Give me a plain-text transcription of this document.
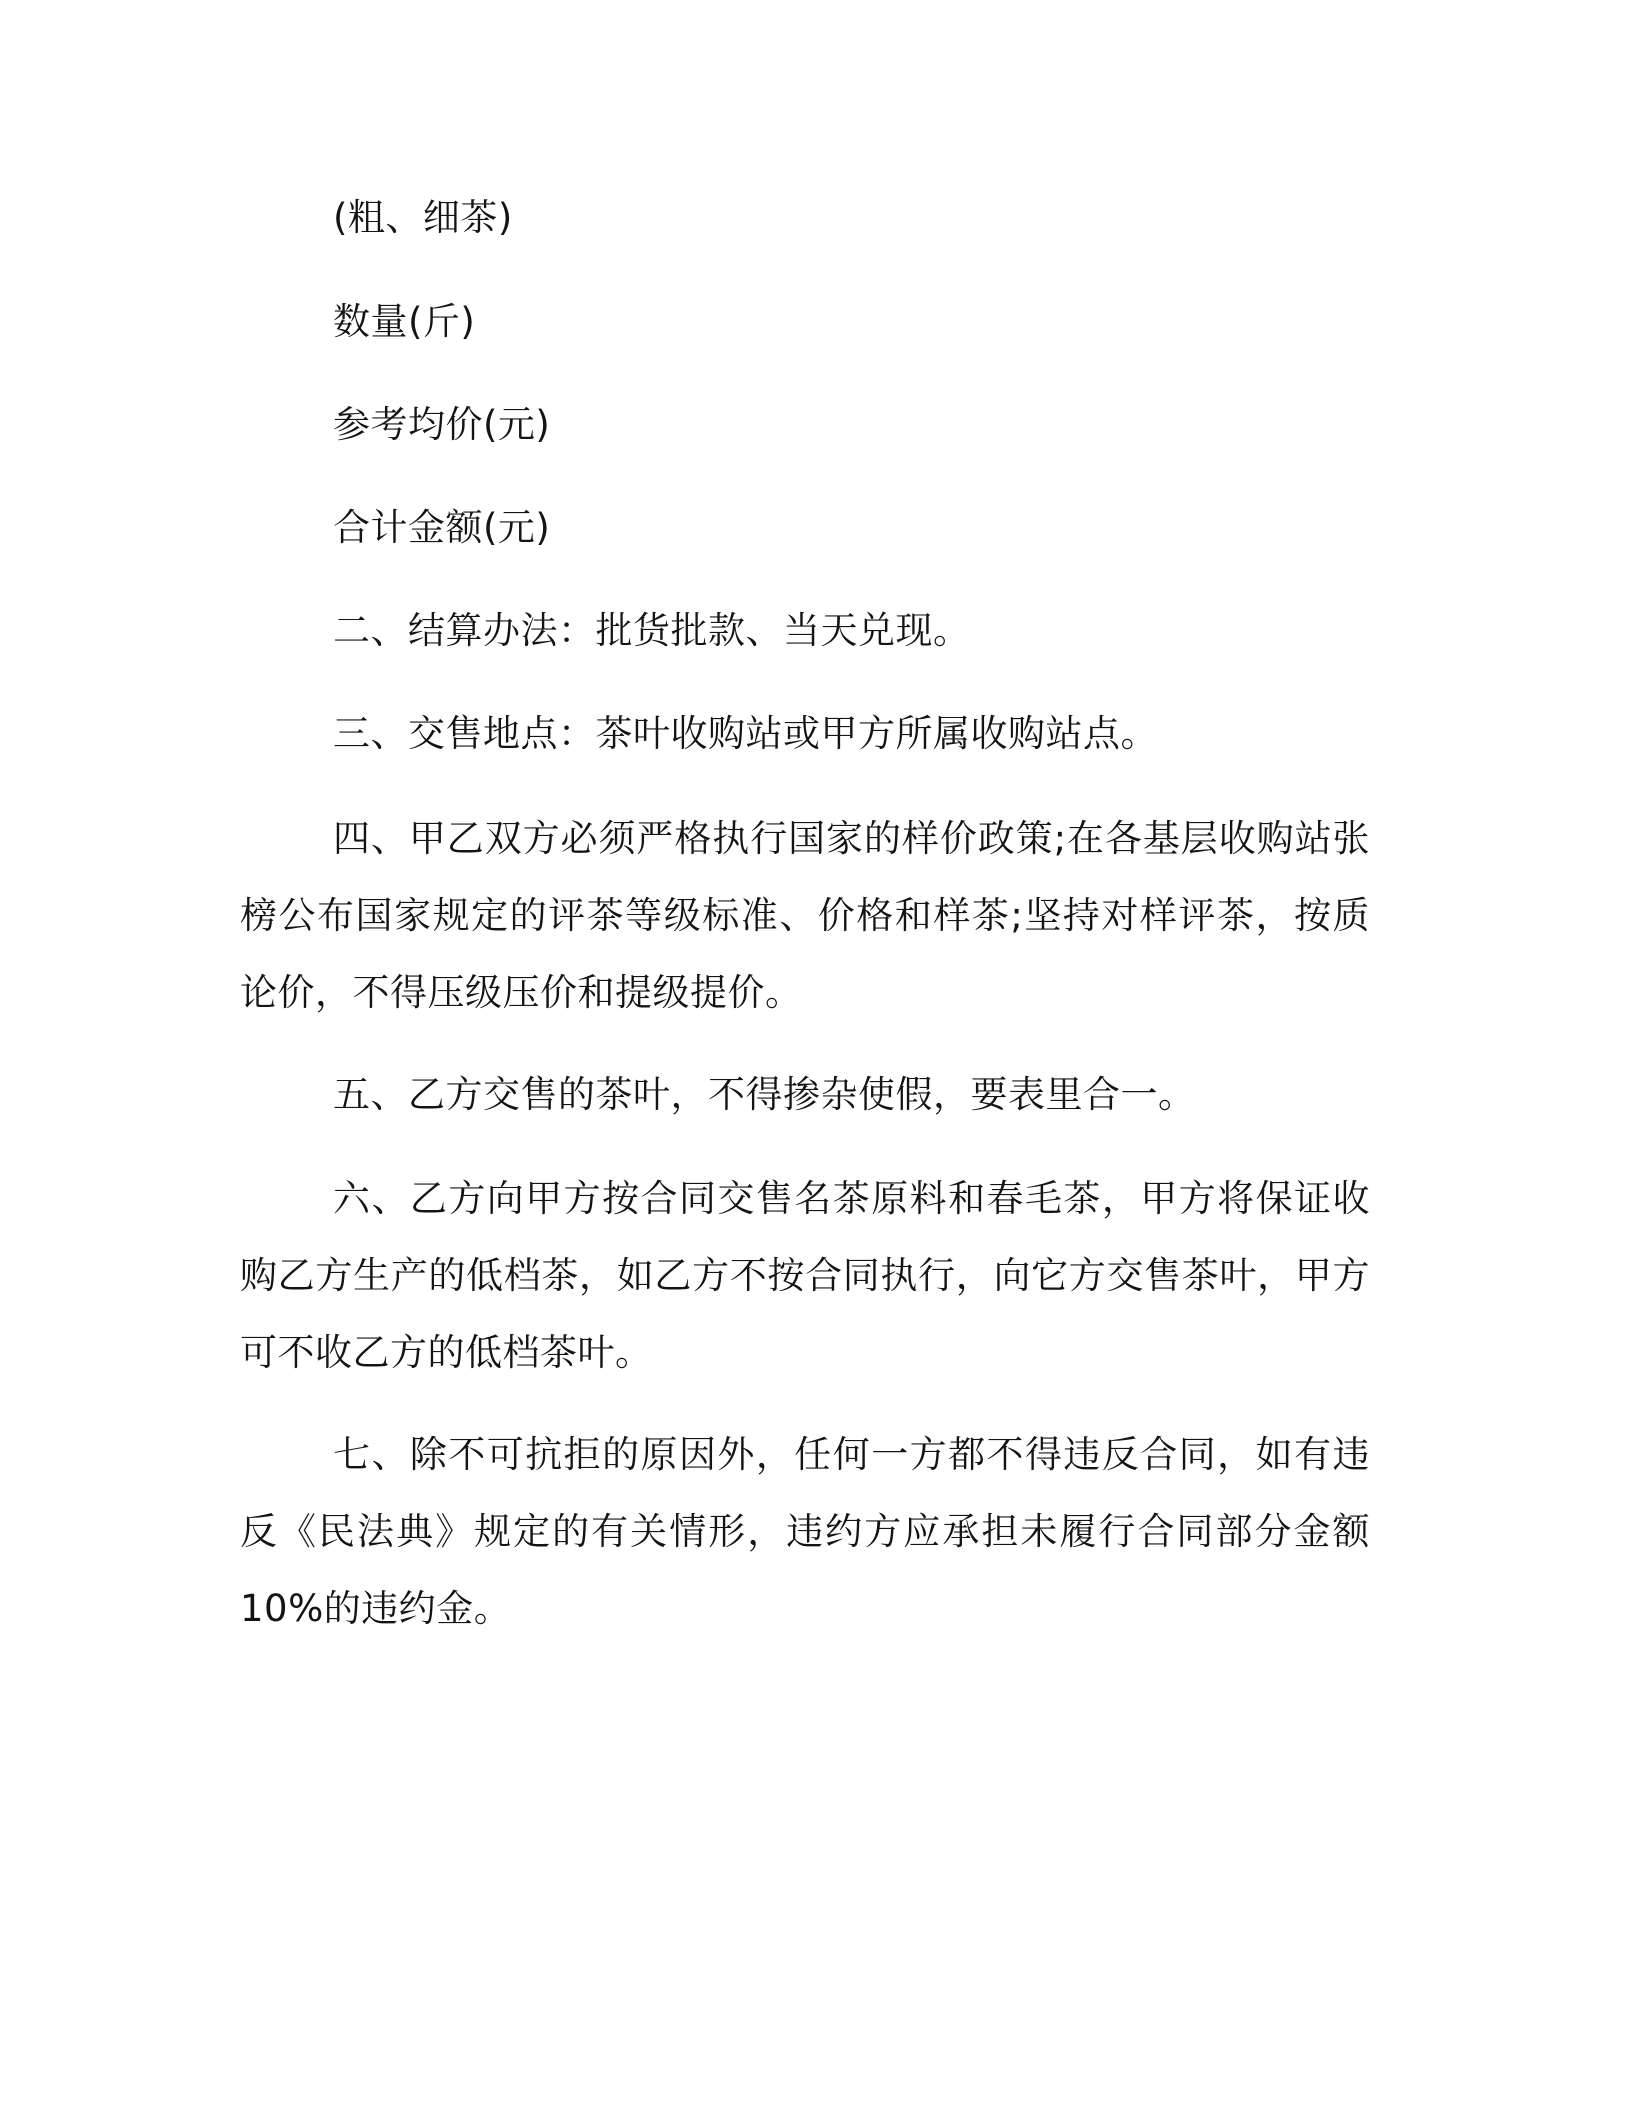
(粗、细茶)
数量(斤)
参考均价(元)
合计金额(元)
二、结算办法：批货批款、当天兑现。
三、交售地点：茶叶收购站或甲方所属收购站点。
四、甲乙双方必须严格执行国家的样价政策;在各基层收购站张榜公布国家规定的评茶等级标准、价格和样茶;坚持对样评茶，按质论价，不得压级压价和提级提价。
五、乙方交售的茶叶，不得掺杂使假，要表里合一。
六、乙方向甲方按合同交售名茶原料和春毛茶，甲方将保证收购乙方生产的低档茶，如乙方不按合同执行，向它方交售茶叶，甲方可不收乙方的低档茶叶。
七、除不可抗拒的原因外，任何一方都不得违反合同，如有违反《民法典》规定的有关情形，违约方应承担未履行合同部分金额 10%的违约金。
